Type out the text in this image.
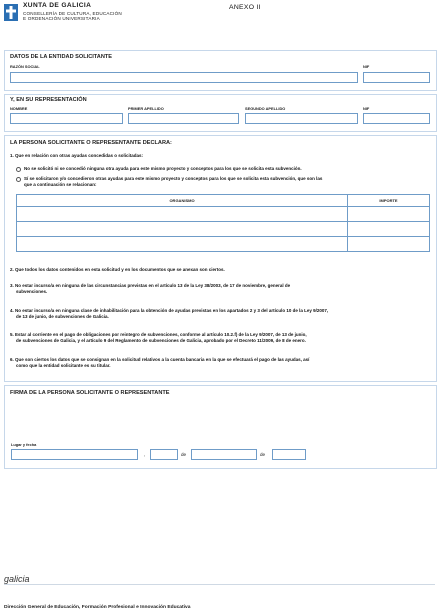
XUNTA DE GALICIA
CONSELLERÍA DE CULTURA, EDUCACIÓN
E ORDENACIÓN UNIVERSITARIA
ANEXO II
DATOS DE LA ENTIDAD SOLICITANTE
RAZÓN SOCIAL	NIF
Y, EN SU REPRESENTACIÓN
NOMBRE	PRIMER APELLIDO	SEGUNDO APELLIDO	NIF
LA PERSONA SOLICITANTE O REPRESENTANTE DECLARA:
1. Que en relación con otras ayudas concedidas o solicitadas:
No se solicitó ni se concedió ninguna otra ayuda para este mismo proyecto y conceptos para los que se solicita esta subvención.
Sí se solicitaron y/o concedieron otras ayudas para este mismo proyecto y conceptos para los que se solicita esta subvención, que son las
que a continuación se relacionan:
ORGANISMO	IMPORTE

2. Que todos los datos contenidos en esta solicitud y en los documentos que se anexan son ciertos.
3. No estar incurso/a en ninguna de las circunstancias previstas en el artículo 13 de la Ley 38/2003, de 17 de noviembre, general de
subvenciones.
4. No estar incurso/a en ninguna clase de inhabilitación para la obtención de ayudas previstas en los apartados 2 y 3 del artículo 10 de la Ley 9/2007,
de 13 de junio, de subvenciones de Galicia.
5. Estar al corriente en el pago de obligaciones por reintegro de subvenciones, conforme al artículo 10.2.f) de la Ley 9/2007, de 13 de junio,
de subvenciones de Galicia, y el artículo 9 del Reglamento de subvenciones de Galicia, aprobado por el Decreto 11/2009, de 8 de enero.
6. Que son ciertos los datos que se consignan en la solicitud relativos a la cuenta bancaria en la que se efectuará el pago de las ayudas, así
como que la entidad solicitante es su titular.
FIRMA DE LA PERSONA SOLICITANTE O REPRESENTANTE
Lugar y fecha
,	de	de
galicia
Dirección General de Educación, Formación Profesional e Innovación Educativa
